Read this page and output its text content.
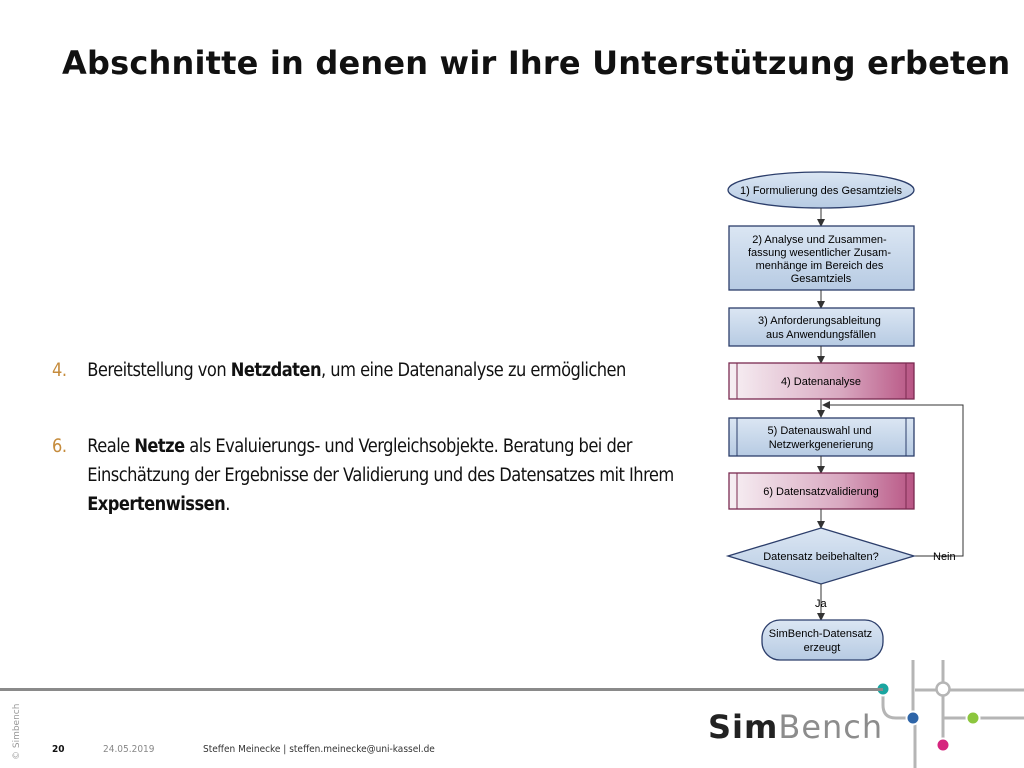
Abschnitte in denen wir Ihre Unterstützung erbeten
4.	Bereitstellung von Netzdaten, um eine Datenanalyse zu ermöglichen
6.	Reale Netze als Evaluierungs- und Vergleichsobjekte. Beratung bei der Einschätzung der Ergebnisse der Validierung und des Datensatzes mit Ihrem Expertenwissen.
1) Formulierung des Gesamtziels
2) Analyse und Zusammen- fassung wesentlicher Zusam- menhänge im Bereich des Gesamtziels
3) Anforderungsableitung aus Anwendungsfällen
4) Datenanalyse
5) Datenauswahl und Netzwerkgenerierung
6) Datensatzvalidierung
Datensatz beibehalten?	Nein
Ja
SimBench-Datensatz erzeugt
© Simbench	20	24.05.2019	Steffen Meinecke | steffen.meinecke@uni-kassel.de
SimBench
